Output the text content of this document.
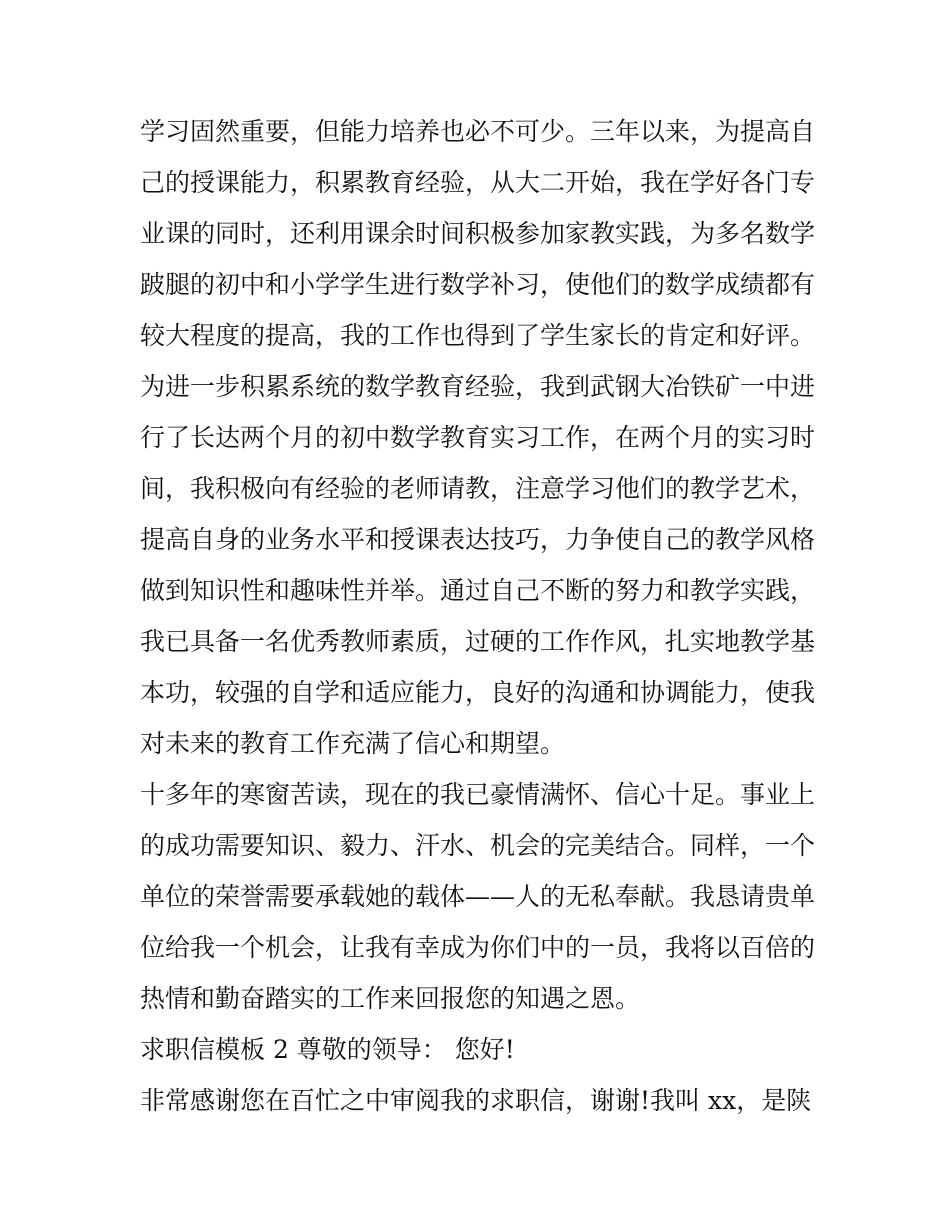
学习固然重要，但能力培养也必不可少。三年以来，为提高自
己的授课能力，积累教育经验，从大二开始，我在学好各门专
业课的同时，还利用课余时间积极参加家教实践，为多名数学
跛腿的初中和小学学生进行数学补习，使他们的数学成绩都有
较大程度的提高，我的工作也得到了学生家长的肯定和好评。
为进一步积累系统的数学教育经验，我到武钢大冶铁矿一中进
行了长达两个月的初中数学教育实习工作，在两个月的实习时
间，我积极向有经验的老师请教，注意学习他们的教学艺术，
提高自身的业务水平和授课表达技巧，力争使自己的教学风格
做到知识性和趣味性并举。通过自己不断的努力和教学实践，
我已具备一名优秀教师素质，过硬的工作作风，扎实地教学基
本功，较强的自学和适应能力，良好的沟通和协调能力，使我
对未来的教育工作充满了信心和期望。
十多年的寒窗苦读，现在的我已豪情满怀、信心十足。事业上
的成功需要知识、毅力、汗水、机会的完美结合。同样，一个
单位的荣誉需要承载她的载体——人的无私奉献。我恳请贵单
位给我一个机会，让我有幸成为你们中的一员，我将以百倍的
热情和勤奋踏实的工作来回报您的知遇之恩。
求职信模板 2 尊敬的领导： 您好!
非常感谢您在百忙之中审阅我的求职信，谢谢!我叫 xx，是陕
